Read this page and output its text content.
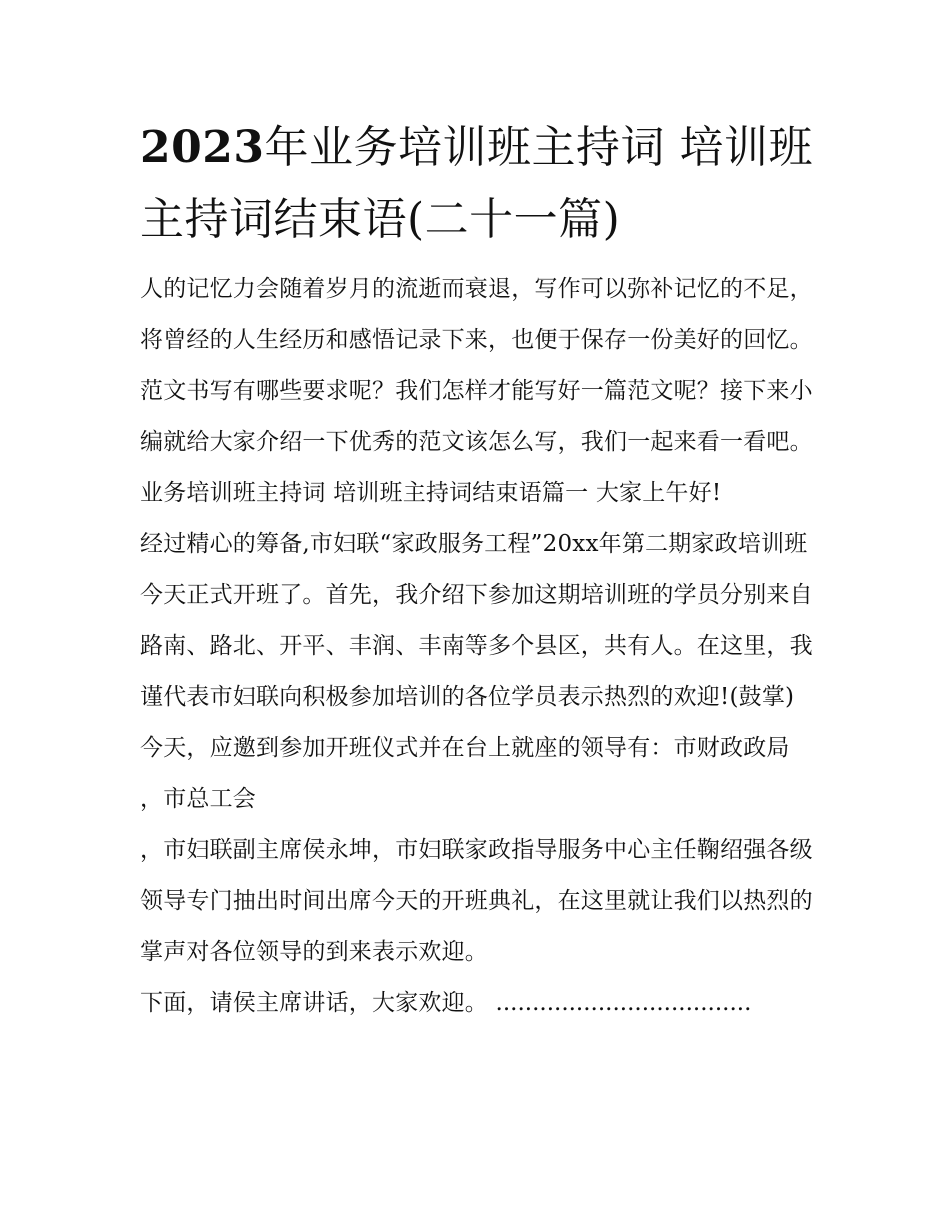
2023年业务培训班主持词 培训班主持词结束语(二十一篇)

人的记忆力会随着岁月的流逝而衰退，写作可以弥补记忆的不足，将曾经的人生经历和感悟记录下来，也便于保存一份美好的回忆。范文书写有哪些要求呢？我们怎样才能写好一篇范文呢？接下来小编就给大家介绍一下优秀的范文该怎么写，我们一起来看一看吧。

业务培训班主持词 培训班主持词结束语篇一 大家上午好!

经过精心的筹备,市妇联“家政服务工程”20xx年第二期家政培训班今天正式开班了。首先，我介绍下参加这期培训班的学员分别来自路南、路北、开平、丰润、丰南等多个县区，共有人。在这里，我谨代表市妇联向积极参加培训的各位学员表示热烈的欢迎!(鼓掌) 今天，应邀到参加开班仪式并在台上就座的领导有：市财政政局 ，市总工会

，市妇联副主席侯永坤，市妇联家政指导服务中心主任鞠绍强各级领导专门抽出时间出席今天的开班典礼，在这里就让我们以热烈的掌声对各位领导的到来表示欢迎。

下面，请侯主席讲话，大家欢迎。 ...................................
